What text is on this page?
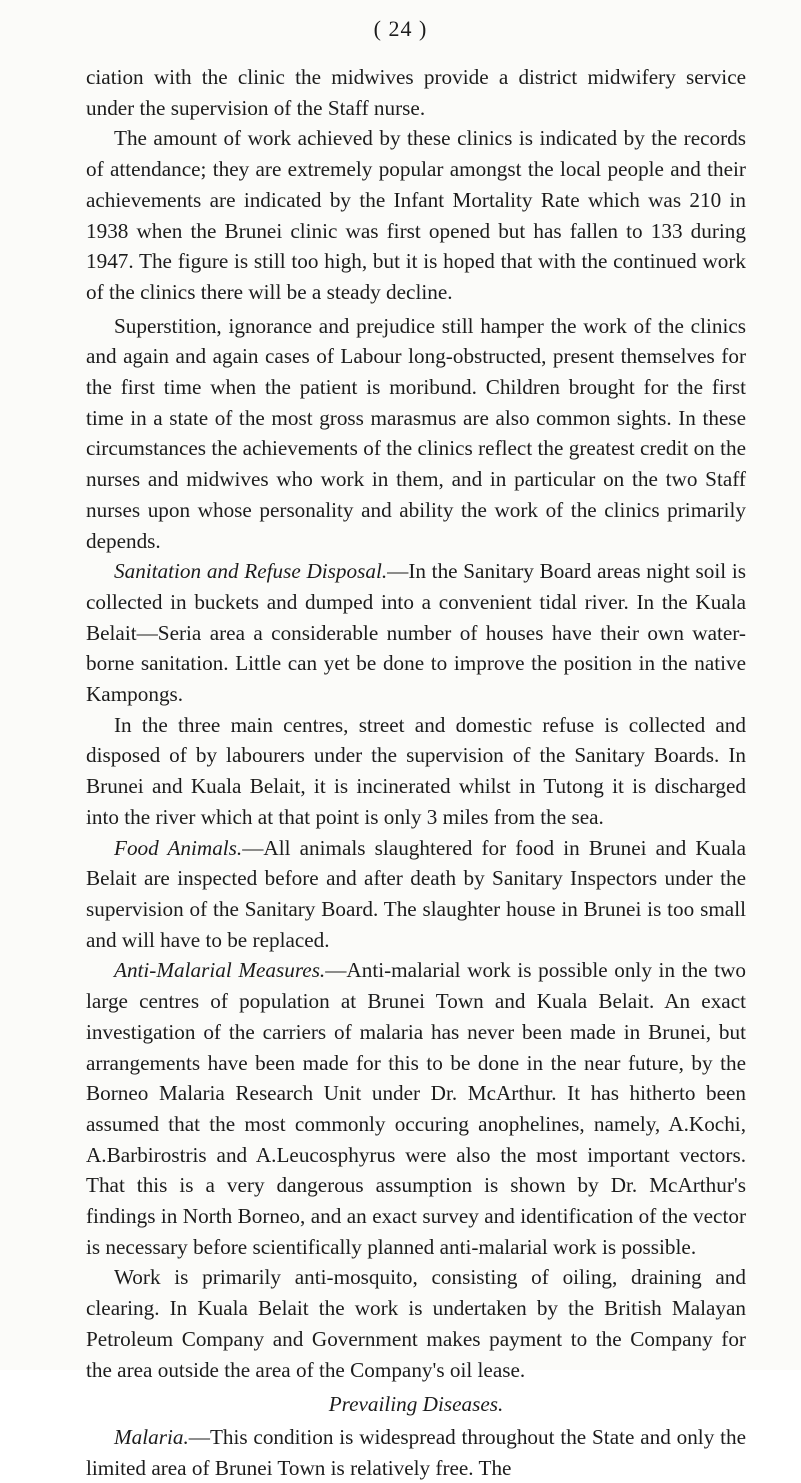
( 24 )

ciation with the clinic the midwives provide a district midwifery service under the supervision of the Staff nurse.

The amount of work achieved by these clinics is indicated by the records of attendance; they are extremely popular amongst the local people and their achievements are indicated by the Infant Mortality Rate which was 210 in 1938 when the Brunei clinic was first opened but has fallen to 133 during 1947. The figure is still too high, but it is hoped that with the continued work of the clinics there will be a steady decline.

Superstition, ignorance and prejudice still hamper the work of the clinics and again and again cases of Labour long-obstructed, present themselves for the first time when the patient is moribund. Children brought for the first time in a state of the most gross marasmus are also common sights. In these circumstances the achievements of the clinics reflect the greatest credit on the nurses and midwives who work in them, and in particular on the two Staff nurses upon whose personality and ability the work of the clinics primarily depends.

Sanitation and Refuse Disposal.—In the Sanitary Board areas night soil is collected in buckets and dumped into a convenient tidal river. In the Kuala Belait—Seria area a considerable number of houses have their own water-borne sanitation. Little can yet be done to improve the position in the native Kampongs.

In the three main centres, street and domestic refuse is collected and disposed of by labourers under the supervision of the Sanitary Boards. In Brunei and Kuala Belait, it is incinerated whilst in Tutong it is discharged into the river which at that point is only 3 miles from the sea.

Food Animals.—All animals slaughtered for food in Brunei and Kuala Belait are inspected before and after death by Sanitary Inspectors under the supervision of the Sanitary Board. The slaughter house in Brunei is too small and will have to be replaced.

Anti-Malarial Measures.—Anti-malarial work is possible only in the two large centres of population at Brunei Town and Kuala Belait. An exact investigation of the carriers of malaria has never been made in Brunei, but arrangements have been made for this to be done in the near future, by the Borneo Malaria Research Unit under Dr. McArthur. It has hitherto been assumed that the most commonly occuring anophelines, namely, A.Kochi, A.Barbirostris and A.Leucosphyrus were also the most important vectors. That this is a very dangerous assumption is shown by Dr. McArthur's findings in North Borneo, and an exact survey and identification of the vector is necessary before scientifically planned anti-malarial work is possible.

Work is primarily anti-mosquito, consisting of oiling, draining and clearing. In Kuala Belait the work is undertaken by the British Malayan Petroleum Company and Government makes payment to the Company for the area outside the area of the Company's oil lease.

Prevailing Diseases.

Malaria.—This condition is widespread throughout the State and only the limited area of Brunei Town is relatively free. The
